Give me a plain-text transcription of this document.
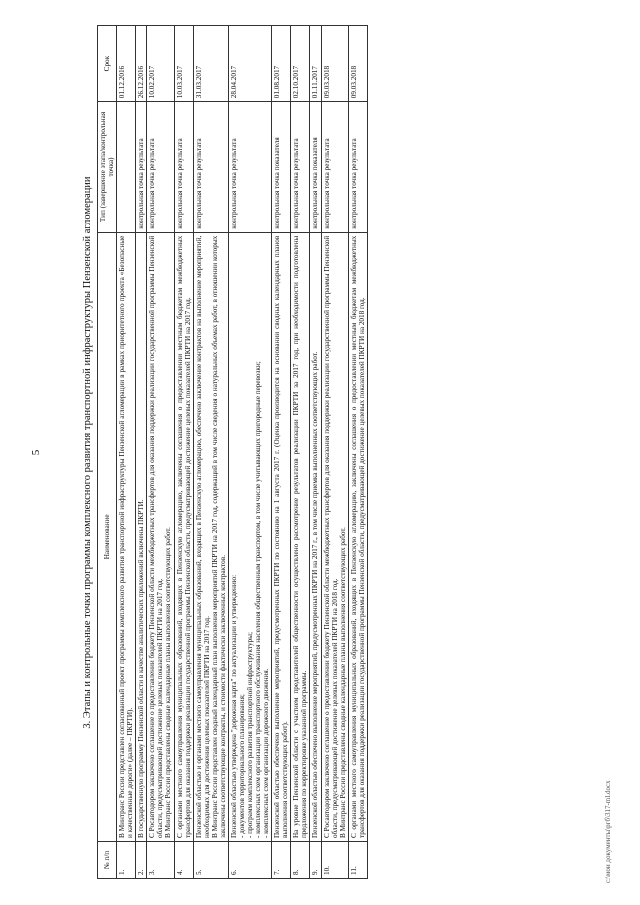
5	3. Этапы и контрольные точки программы комплексного развития транспортной инфраструктуры Пензенской агломерации
№ п/п	Наименование	Тип (завершение этапа/контрольная точка)	Срок
1.	В Минтранс России представлен согласованный проект программы комплексного развития транспортной инфраструктуры Пензенской агломерации в рамках приоритетного проекта «Безопасные и качественные дороги» (далее – ПКРТИ).		01.12.2016
2.	В государственную программу Пензенской области в качестве аналитических приложений включены ПКРТИ.	контрольная точка результата	26.12.2016
3.	С Росавтодором заключено соглашение о предоставлении бюджету Пензенской области межбюджетных трансфертов для оказания поддержки реализации государственной программы Пензенской области, предусматривающей достижение целевых показателей ПКРТИ на 2017 год. В Минтранс России представлены сводные календарные планы выполнения соответствующих работ.	контрольная точка результата	10.02.2017
4.	С органами местного самоуправления муниципальных образований, входящих в Пензенскую агломерацию, заключены соглашения о предоставлении местным бюджетам межбюджетных трансфертов для оказания поддержки реализации государственной программы Пензенской области, предусматривающей достижение целевых показателей ПКРТИ на 2017 год.	контрольная точка результата	10.03.2017
5.	Пензенской областью и органами местного самоуправления муниципальных образований, входящих в Пензенскую агломерацию, обеспечено заключение контрактов на выполнение мероприятий, необходимых для достижения целевых показателей ПКРТИ на 2017 год. В Минтранс России представлен сводный календарный план выполнения мероприятий ПКРТИ на 2017 год, содержащий в том числе сведения о натуральных объемах работ, в отношении которых заключены соответствующие контракты, и стоимости фактически заключенных контрактов.	контрольная точка результата	31.03.2017
6.	Пензенской областью утверждена "дорожная карта" по актуализации и утверждению: - документов территориального планирования; - программ комплексного развития транспортной инфраструктуры; - комплексных схем организации транспортного обслуживания населения общественным транспортом, в том числе учитывающих пригородные перевозки; - комплексных схем организации дорожного движения.	контрольная точка результата	28.04.2017
7.	Пензенской областью обеспечено выполнение мероприятий, предусмотренных ПКРТИ по состоянию на 1 августа 2017 г. (Оценка производится на основании сводных календарных планов выполнения соответствующих работ).	контрольная точка показателя	01.08.2017
8.	На уровне Пензенской области с участием представителей общественности осуществлено рассмотрение результатов реализации ПКРТИ за 2017 год, при необходимости подготовлены предложения по корректировке указанной программы.	контрольная точка результата	02.10.2017
9.	Пензенской областью обеспечено выполнение мероприятий, предусмотренных ПКРТИ на 2017 г., в том числе приемка выполненных соответствующих работ.	контрольная точка показателя	01.11.2017
10.	С Росавтодором заключено соглашение о предоставлении бюджету Пензенской области межбюджетных трансфертов для оказания поддержки реализации государственной программы Пензенской области, предусматривающей достижение целевых показателей ПКРТИ на 2018 год. В Минтранс России представлены сводные календарные планы выполнения соответствующих работ.	контрольная точка результата	09.03.2018
11.	С органами местного самоуправления муниципальных образований, входящих в Пензенскую агломерацию, заключены соглашения о предоставлении местным бюджетам межбюджетных трансфертов для оказания поддержки реализации государственной программы Пензенской области, предусматривающей достижение целевых показателей ПКРТИ на 2018 год.	контрольная точка результата	09.03.2018
c:\мои документы\ргб\317-ml.docx
